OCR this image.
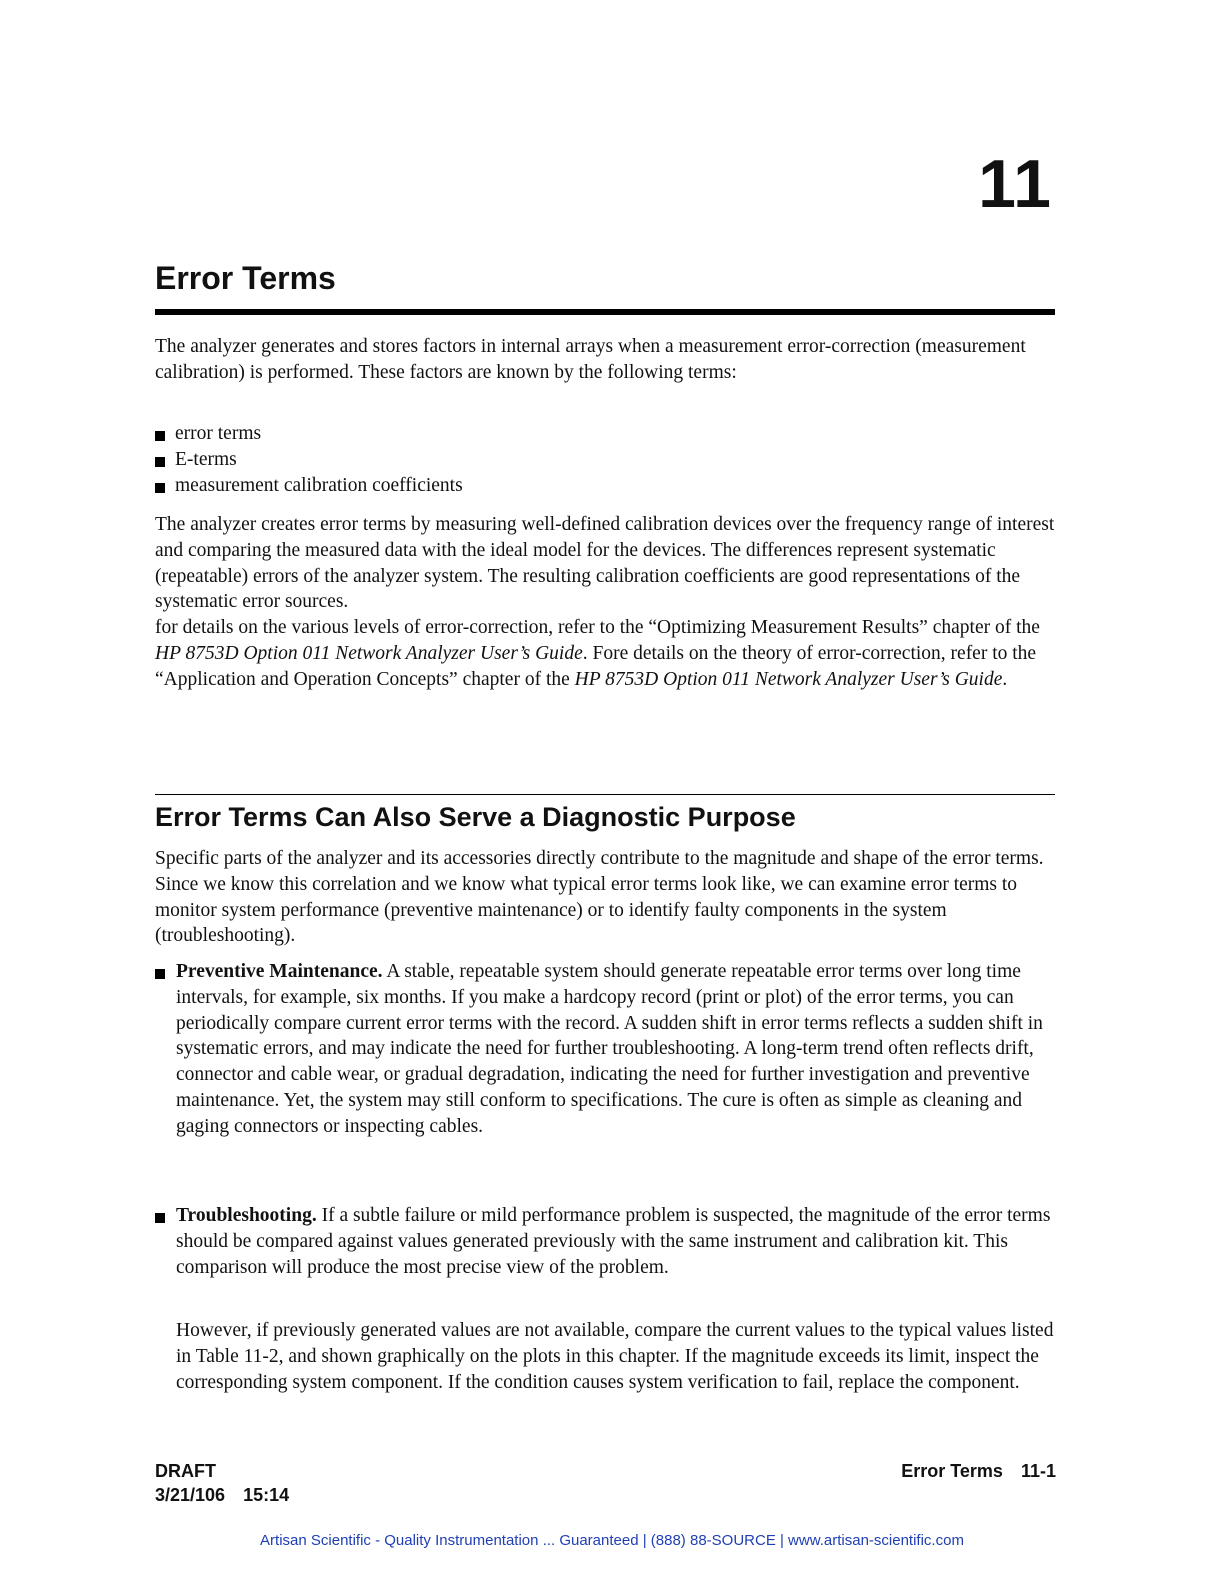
11
Error Terms

The analyzer generates and stores factors in internal arrays when a measurement error-correction (measurement calibration) is performed. These factors are known by the following terms:

error terms
E-terms
measurement calibration coefficients

The analyzer creates error terms by measuring well-defined calibration devices over the frequency range of interest and comparing the measured data with the ideal model for the devices. The differences represent systematic (repeatable) errors of the analyzer system. The resulting calibration coefficients are good representations of the systematic error sources.
for details on the various levels of error-correction, refer to the “Optimizing Measurement Results” chapter of the HP 8753D Option 011 Network Analyzer User’s Guide. Fore details on the theory of error-correction, refer to the “Application and Operation Concepts” chapter of the HP 8753D Option 011 Network Analyzer User’s Guide.

Error Terms Can Also Serve a Diagnostic Purpose

Specific parts of the analyzer and its accessories directly contribute to the magnitude and shape of the error terms. Since we know this correlation and we know what typical error terms look like, we can examine error terms to monitor system performance (preventive maintenance) or to identify faulty components in the system (troubleshooting).

Preventive Maintenance. A stable, repeatable system should generate repeatable error terms over long time intervals, for example, six months. If you make a hardcopy record (print or plot) of the error terms, you can periodically compare current error terms with the record. A sudden shift in error terms reflects a sudden shift in systematic errors, and may indicate the need for further troubleshooting. A long-term trend often reflects drift, connector and cable wear, or gradual degradation, indicating the need for further investigation and preventive maintenance. Yet, the system may still conform to specifications. The cure is often as simple as cleaning and gaging connectors or inspecting cables.
Troubleshooting. If a subtle failure or mild performance problem is suspected, the magnitude of the error terms should be compared against values generated previously with the same instrument and calibration kit. This comparison will produce the most precise view of the problem.

However, if previously generated values are not available, compare the current values to the typical values listed in Table 11-2, and shown graphically on the plots in this chapter. If the magnitude exceeds its limit, inspect the corresponding system component. If the condition causes system verification to fail, replace the component.

DRAFT
3/21/106 15:14
Error Terms 11-1
Artisan Scientific - Quality Instrumentation ... Guaranteed | (888) 88-SOURCE | www.artisan-scientific.com
